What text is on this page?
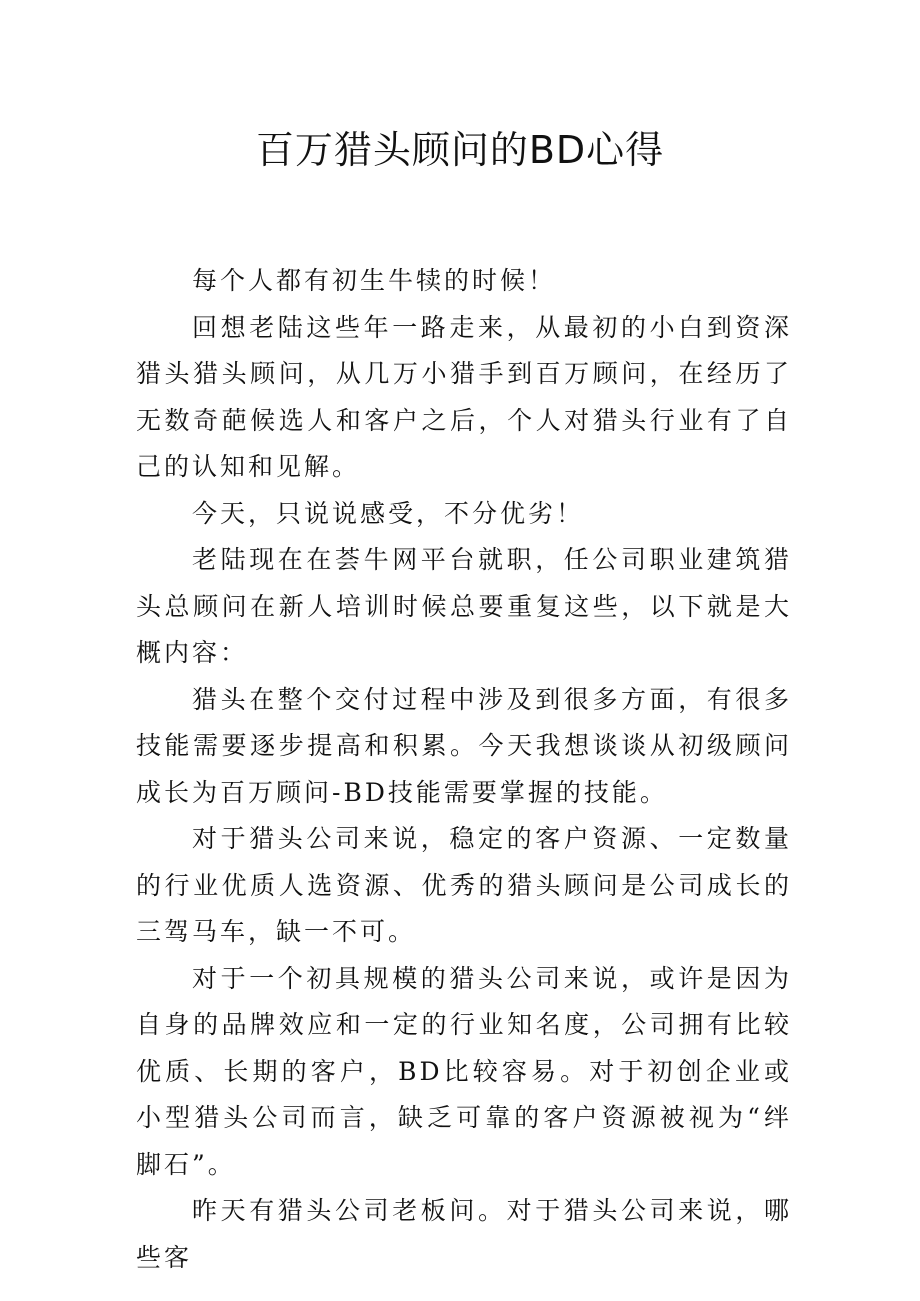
百万猎头顾问的BD心得

每个人都有初生牛犊的时候！

回想老陆这些年一路走来，从最初的小白到资深猎头猎头顾问，从几万小猎手到百万顾问，在经历了无数奇葩候选人和客户之后，个人对猎头行业有了自己的认知和见解。

今天，只说说感受，不分优劣！

老陆现在在荟牛网平台就职，任公司职业建筑猎头总顾问在新人培训时候总要重复这些，以下就是大概内容：

猎头在整个交付过程中涉及到很多方面，有很多技能需要逐步提高和积累。今天我想谈谈从初级顾问成长为百万顾问-BD技能需要掌握的技能。

对于猎头公司来说，稳定的客户资源、一定数量的行业优质人选资源、优秀的猎头顾问是公司成长的三驾马车，缺一不可。

对于一个初具规模的猎头公司来说，或许是因为自身的品牌效应和一定的行业知名度，公司拥有比较优质、长期的客户，BD比较容易。对于初创企业或小型猎头公司而言，缺乏可靠的客户资源被视为“绊脚石”。

昨天有猎头公司老板问。对于猎头公司来说，哪些客
